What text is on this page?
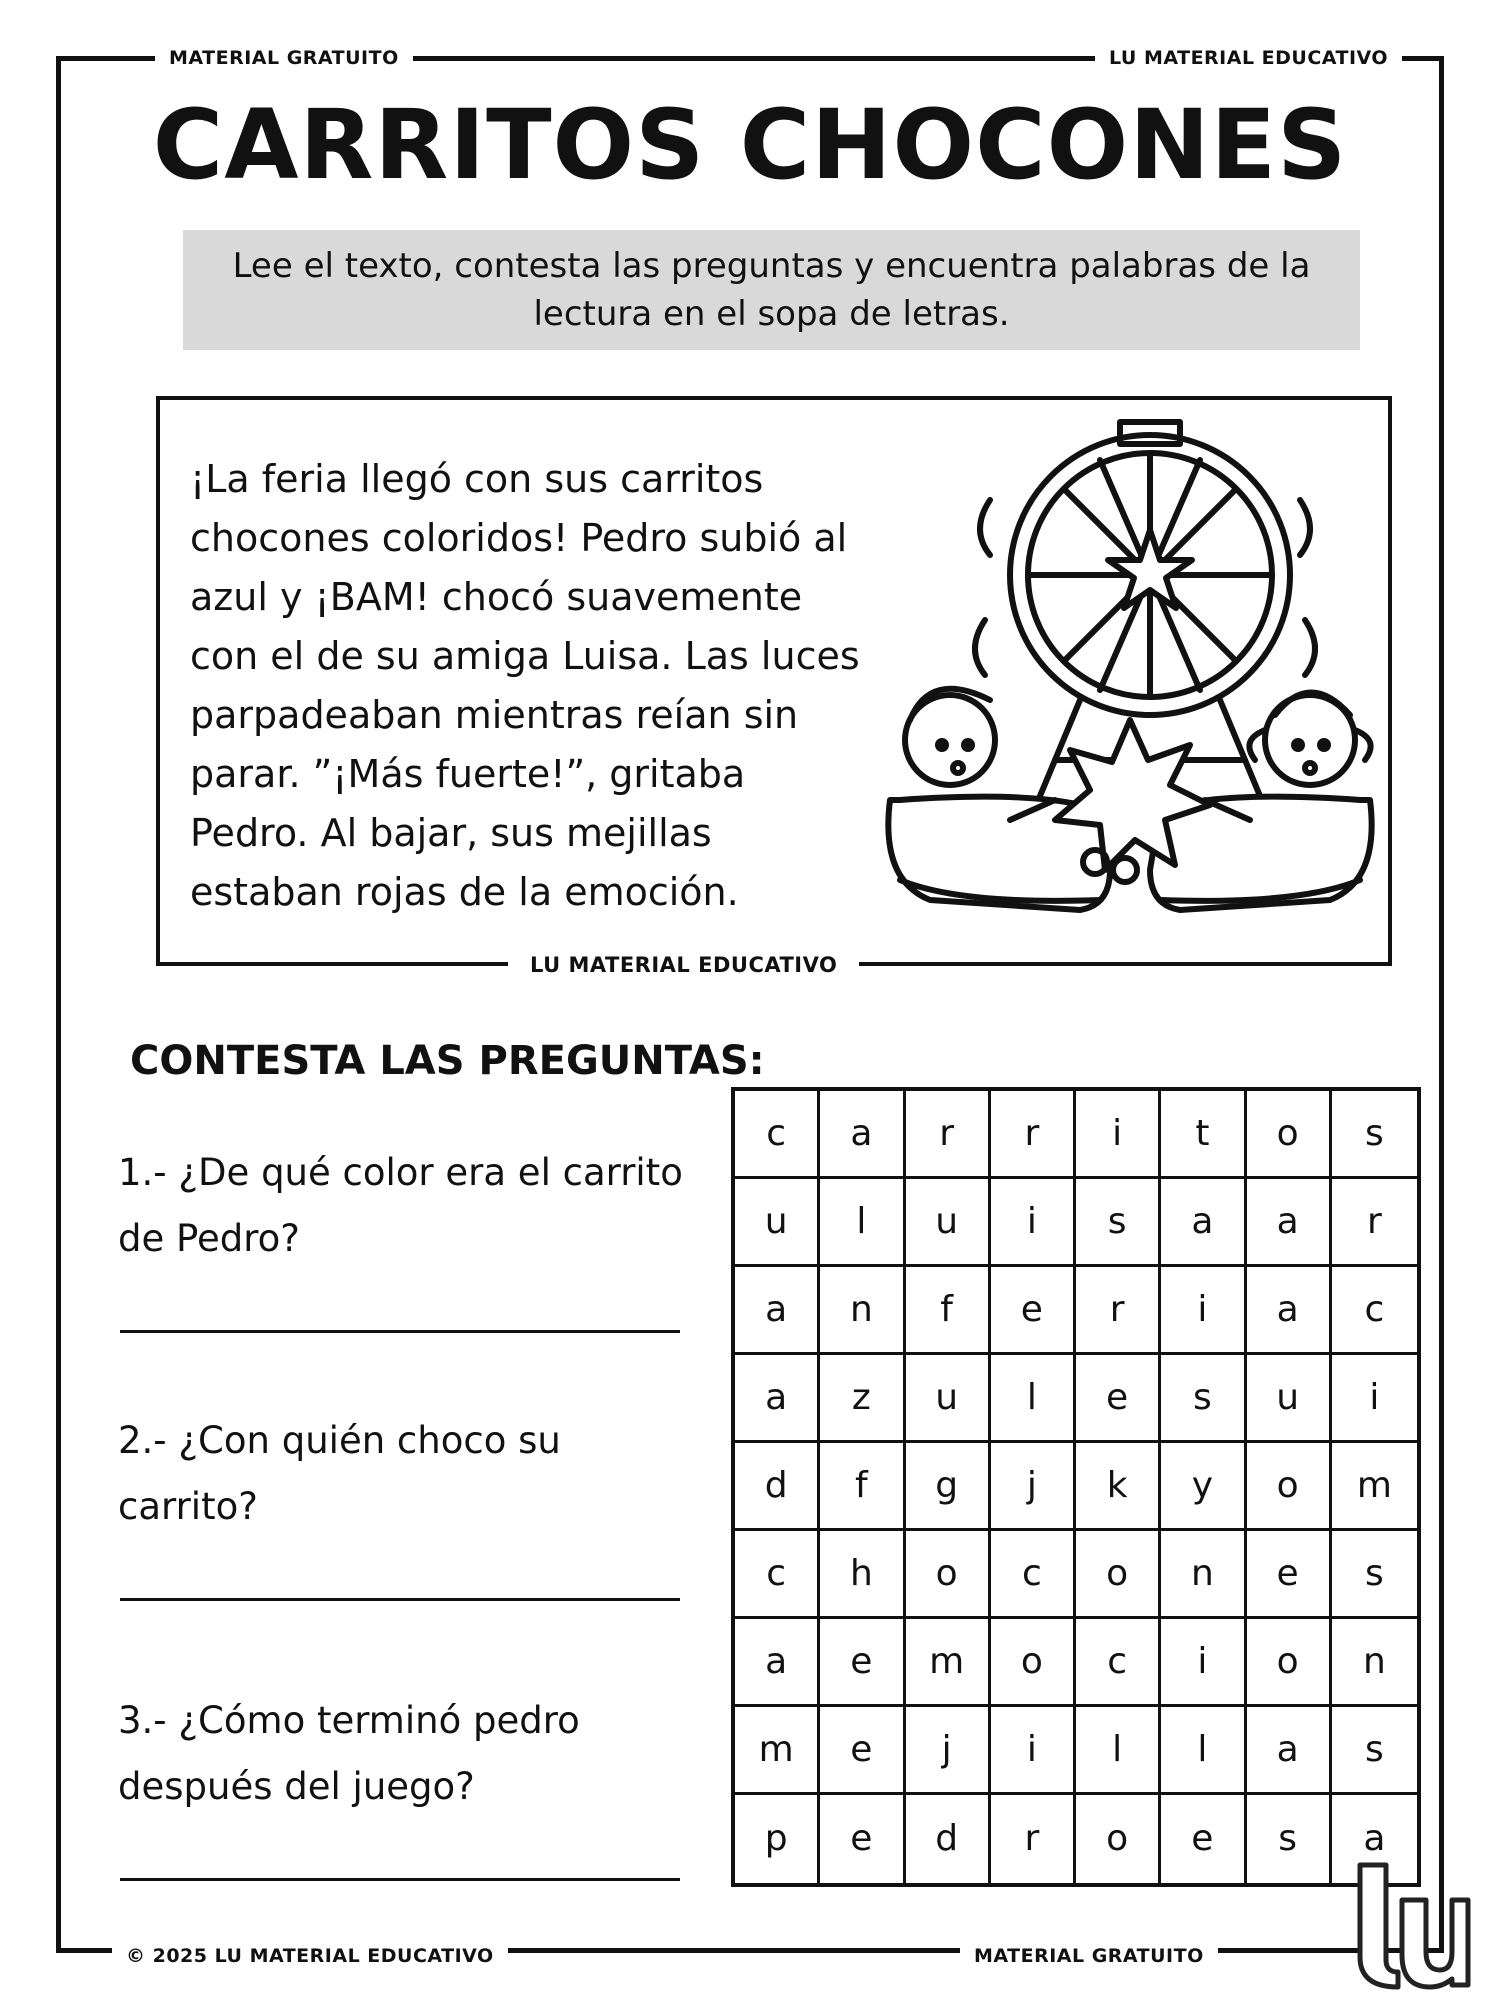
MATERIAL GRATUITO	LU MATERIAL EDUCATIVO
© 2025 LU MATERIAL EDUCATIVO	MATERIAL GRATUITO
CARRITOS CHOCONES
Lee el texto, contesta las preguntas y encuentra palabras de la lectura en el sopa de letras.
¡La feria llegó con sus carritos chocones coloridos! Pedro subió al azul y ¡BAM! chocó suavemente con el de su amiga Luisa. Las luces parpadeaban mientras reían sin parar. ”¡Más fuerte!”, gritaba Pedro. Al bajar, sus mejillas estaban rojas de la emoción.
LU MATERIAL EDUCATIVO
CONTESTA LAS PREGUNTAS:
1.- ¿De qué color era el carrito de Pedro?
2.- ¿Con quién choco su carrito?
3.- ¿Cómo terminó pedro después del juego?
c	a	r	r	i	t	o	s
u	l	u	i	s	a	a	r
a	n	f	e	r	i	a	c
a	z	u	l	e	s	u	i
d	f	g	j	k	y	o	m
c	h	o	c	o	n	e	s
a	e	m	o	c	i	o	n
m	e	j	i	l	l	a	s
p	e	d	r	o	e	s	a
